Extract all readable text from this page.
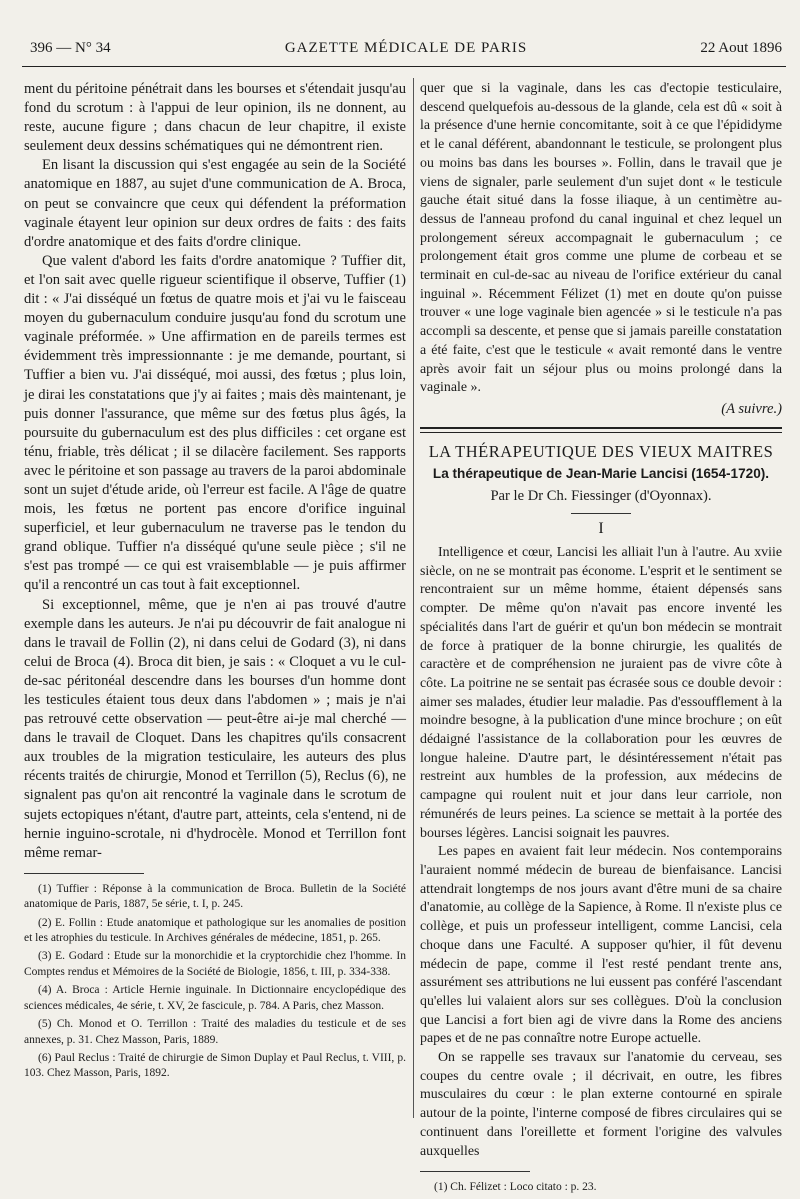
396 — N° 34	GAZETTE MÉDICALE DE PARIS	22 Aout 1896

ment du péritoine pénétrait dans les bourses et s'étendait jusqu'au fond du scrotum : à l'appui de leur opinion, ils ne donnent, au reste, aucune figure ; dans chacun de leur chapitre, il existe seulement deux dessins schématiques qui ne démontrent rien.

En lisant la discussion qui s'est engagée au sein de la Société anatomique en 1887, au sujet d'une communication de A. Broca, on peut se convaincre que ceux qui défendent la préformation vaginale étayent leur opinion sur deux ordres de faits : des faits d'ordre anatomique et des faits d'ordre clinique.

Que valent d'abord les faits d'ordre anatomique ? Tuffier dit, et l'on sait avec quelle rigueur scientifique il observe, Tuffier (1) dit : « J'ai disséqué un fœtus de quatre mois et j'ai vu le faisceau moyen du gubernaculum conduire jusqu'au fond du scrotum une vaginale préformée. » Une affirmation en de pareils termes est évidemment très impressionnante : je me demande, pourtant, si Tuffier a bien vu. J'ai disséqué, moi aussi, des fœtus ; plus loin, je dirai les constatations que j'y ai faites ; mais dès maintenant, je puis donner l'assurance, que même sur des fœtus plus âgés, la poursuite du gubernaculum est des plus difficiles : cet organe est ténu, friable, très délicat ; il se dilacère facilement. Ses rapports avec le péritoine et son passage au travers de la paroi abdominale sont un sujet d'étude aride, où l'erreur est facile. A l'âge de quatre mois, les fœtus ne portent pas encore d'orifice inguinal superficiel, et leur gubernaculum ne traverse pas le tendon du grand oblique. Tuffier n'a disséqué qu'une seule pièce ; s'il ne s'est pas trompé — ce qui est vraisemblable — je puis affirmer qu'il a rencontré un cas tout à fait exceptionnel.

Si exceptionnel, même, que je n'en ai pas trouvé d'autre exemple dans les auteurs. Je n'ai pu découvrir de fait analogue ni dans le travail de Follin (2), ni dans celui de Godard (3), ni dans celui de Broca (4). Broca dit bien, je sais : « Cloquet a vu le cul-de-sac péritonéal descendre dans les bourses d'un homme dont les testicules étaient tous deux dans l'abdomen » ; mais je n'ai pas retrouvé cette observation — peut-être ai-je mal cherché — dans le travail de Cloquet. Dans les chapitres qu'ils consacrent aux troubles de la migration testiculaire, les auteurs des plus récents traités de chirurgie, Monod et Terrillon (5), Reclus (6), ne signalent pas qu'on ait rencontré la vaginale dans le scrotum de sujets ectopiques n'étant, d'autre part, atteints, cela s'entend, ni de hernie inguino-scrotale, ni d'hydrocèle. Monod et Terrillon font même remar-

(1) Tuffier : Réponse à la communication de Broca. Bulletin de la Société anatomique de Paris, 1887, 5e série, t. I, p. 245.

(2) E. Follin : Etude anatomique et pathologique sur les anomalies de position et les atrophies du testicule. In Archives générales de médecine, 1851, p. 265.

(3) E. Godard : Etude sur la monorchidie et la cryptorchidie chez l'homme. In Comptes rendus et Mémoires de la Société de Biologie, 1856, t. III, p. 334-338.

(4) A. Broca : Article Hernie inguinale. In Dictionnaire encyclopédique des sciences médicales, 4e série, t. XV, 2e fascicule, p. 784. A Paris, chez Masson.

(5) Ch. Monod et O. Terrillon : Traité des maladies du testicule et de ses annexes, p. 31. Chez Masson, Paris, 1889.

(6) Paul Reclus : Traité de chirurgie de Simon Duplay et Paul Reclus, t. VIII, p. 103. Chez Masson, Paris, 1892.

quer que si la vaginale, dans les cas d'ectopie testiculaire, descend quelquefois au-dessous de la glande, cela est dû « soit à la présence d'une hernie concomitante, soit à ce que l'épididyme et le canal déférent, abandonnant le testicule, se prolongent plus ou moins bas dans les bourses ». Follin, dans le travail que je viens de signaler, parle seulement d'un sujet dont « le testicule gauche était situé dans la fosse iliaque, à un centimètre au-dessus de l'anneau profond du canal inguinal et chez lequel un prolongement séreux accompagnait le gubernaculum ; ce prolongement était gros comme une plume de corbeau et se terminait en cul-de-sac au niveau de l'orifice extérieur du canal inguinal ». Récemment Félizet (1) met en doute qu'on puisse trouver « une loge vaginale bien agencée » si le testicule n'a pas accompli sa descente, et pense que si jamais pareille constatation a été faite, c'est que le testicule « avait remonté dans le ventre après avoir fait un séjour plus ou moins prolongé dans la vaginale ».

(A suivre.)

LA THÉRAPEUTIQUE DES VIEUX MAITRES
La thérapeutique de Jean-Marie Lancisi (1654-1720).
Par le Dr Ch. Fiessinger (d'Oyonnax).
I

Intelligence et cœur, Lancisi les alliait l'un à l'autre. Au xviie siècle, on ne se montrait pas économe. L'esprit et le sentiment se rencontraient sur un même homme, étaient dépensés sans compter. De même qu'on n'avait pas encore inventé les spécialités dans l'art de guérir et qu'un bon médecin se montrait de force à pratiquer de la bonne chirurgie, les qualités de caractère et de compréhension ne juraient pas de vivre côte à côte. La poitrine ne se sentait pas écrasée sous ce double devoir : aimer ses malades, étudier leur maladie. Pas d'essoufflement à la moindre besogne, à la publication d'une mince brochure ; on eût dédaigné l'assistance de la collaboration pour les œuvres de longue haleine. D'autre part, le désintéressement n'était pas restreint aux humbles de la profession, aux médecins de campagne qui roulent nuit et jour dans leur carriole, non rémunérés de leurs peines. La science se mettait à la portée des bourses légères. Lancisi soignait les pauvres.

Les papes en avaient fait leur médecin. Nos contemporains l'auraient nommé médecin de bureau de bienfaisance. Lancisi attendrait longtemps de nos jours avant d'être muni de sa chaire d'anatomie, au collège de la Sapience, à Rome. Il n'existe plus ce collège, et puis un professeur intelligent, comme Lancisi, cela choque dans une Faculté. A supposer qu'hier, il fût devenu médecin de pape, comme il l'est resté pendant trente ans, assurément ses attributions ne lui eussent pas conféré l'ascendant qu'elles lui valaient alors sur ses collègues. D'où la conclusion que Lancisi a fort bien agi de vivre dans la Rome des anciens papes et de ne pas connaître notre Europe actuelle.

On se rappelle ses travaux sur l'anatomie du cerveau, ses coupes du centre ovale ; il décrivait, en outre, les fibres musculaires du cœur : le plan externe contourné en spirale autour de la pointe, l'interne composé de fibres circulaires qui se continuent dans l'oreillette et forment l'origine des valvules auxquelles

(1) Ch. Félizet : Loco citato : p. 23.
